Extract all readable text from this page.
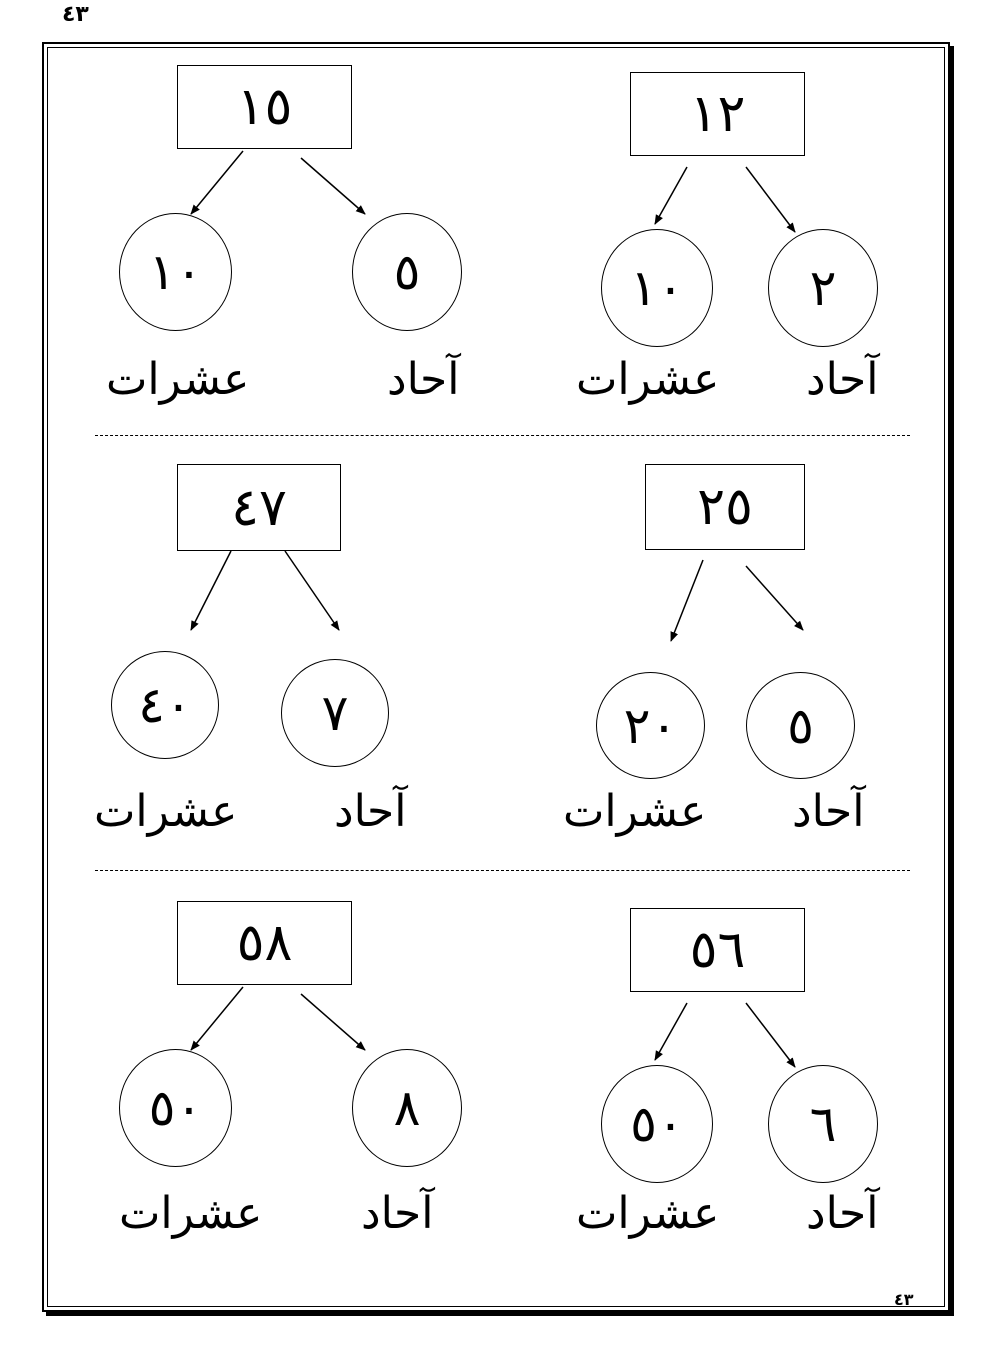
٤٣
١٢
١٠	٢
عشرات آحاد
١٥
١٠	٥
عشرات	آحاد
٢٥
٢٠ ٥
عشرات آحاد
٤٧
٤٠	٧
عشرات آحاد
٥٦
٥٠	٦
عشرات آحاد
٥٨
٥٠	٨
عشرات آحاد
٤٣
